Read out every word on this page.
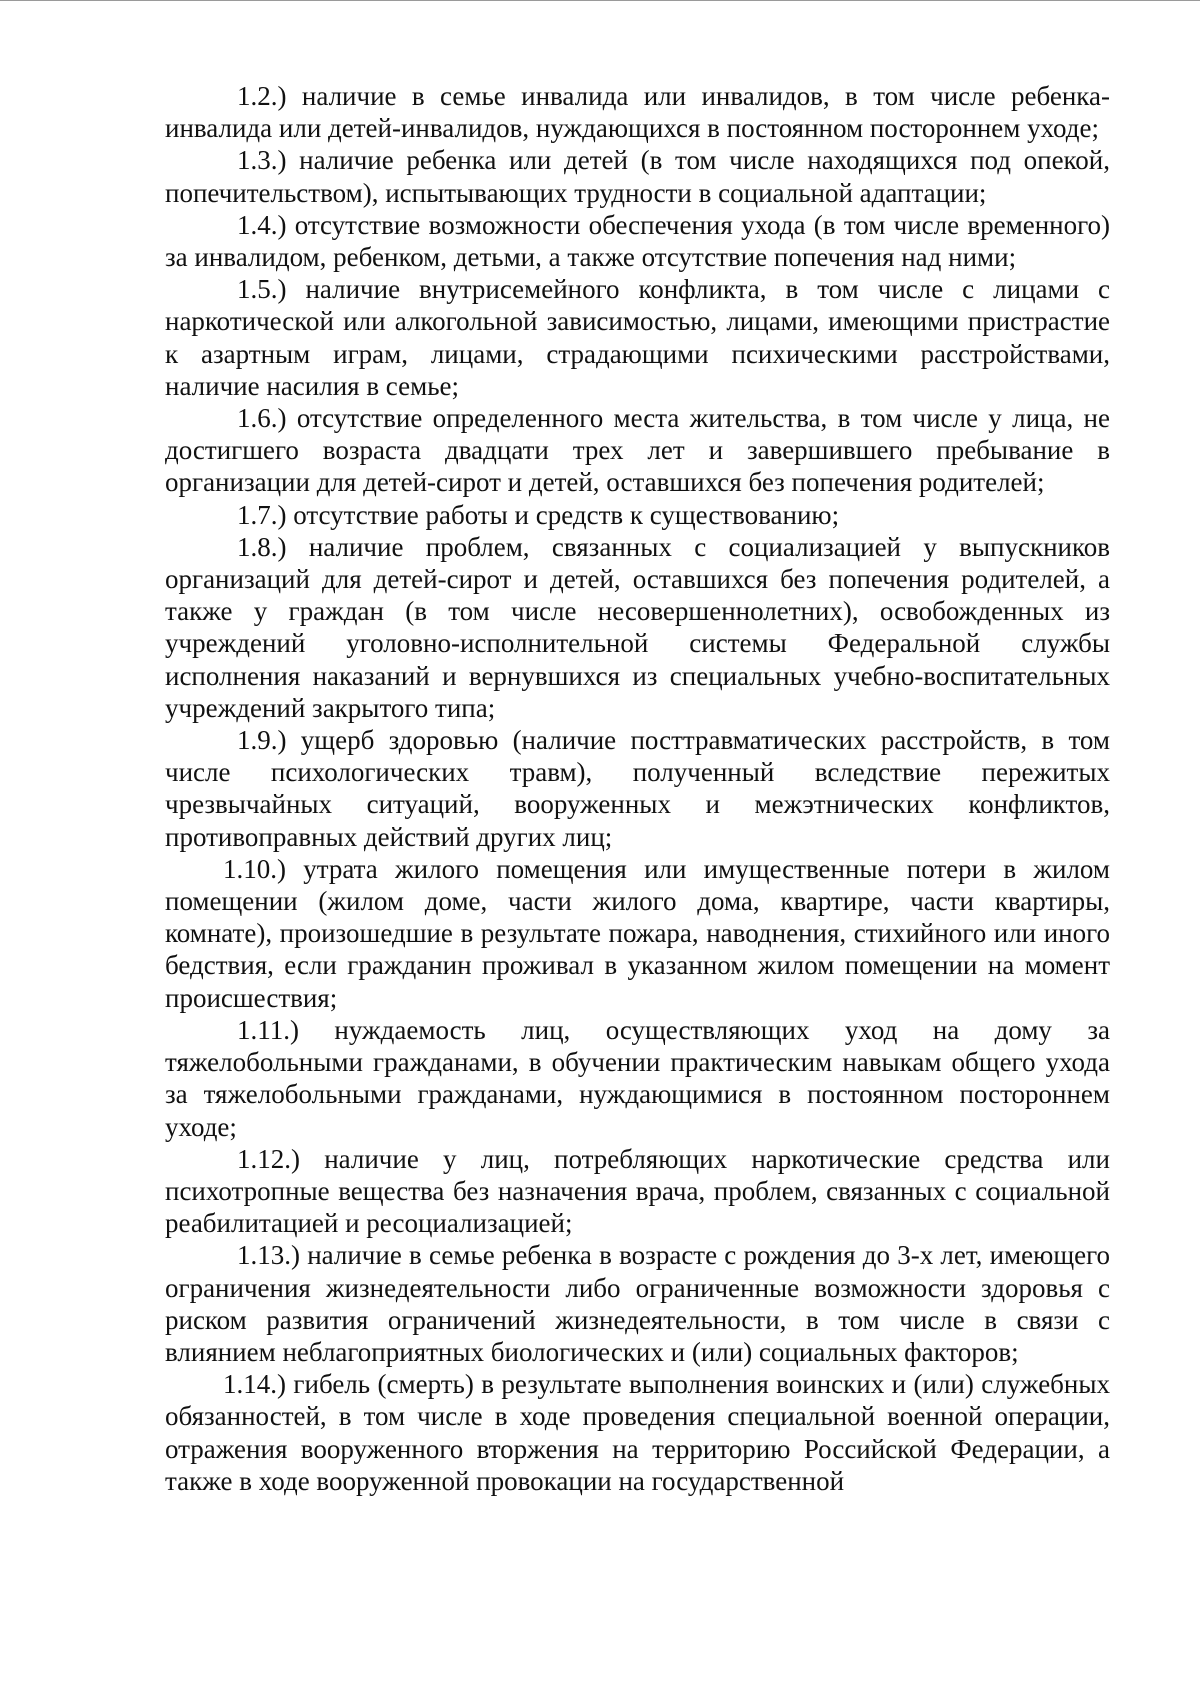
1.2.) наличие в семье инвалида или инвалидов, в том числе ребенка-инвалида или детей-инвалидов, нуждающихся в постоянном постороннем уходе;

1.3.) наличие ребенка или детей (в том числе находящихся под опекой, попечительством), испытывающих трудности в социальной адаптации;

1.4.) отсутствие возможности обеспечения ухода (в том числе временного) за инвалидом, ребенком, детьми, а также отсутствие попечения над ними;

1.5.) наличие внутрисемейного конфликта, в том числе с лицами с наркотической или алкогольной зависимостью, лицами, имеющими пристрастие к азартным играм, лицами, страдающими психическими расстройствами, наличие насилия в семье;

1.6.) отсутствие определенного места жительства, в том числе у лица, не достигшего возраста двадцати трех лет и завершившего пребывание в организации для детей-сирот и детей, оставшихся без попечения родителей;

1.7.) отсутствие работы и средств к существованию;

1.8.) наличие проблем, связанных с социализацией у выпускников организаций для детей-сирот и детей, оставшихся без попечения родителей, а также у граждан (в том числе несовершеннолетних), освобожденных из учреждений уголовно-исполнительной системы Федеральной службы исполнения наказаний и вернувшихся из специальных учебно-воспитательных учреждений закрытого типа;

1.9.) ущерб здоровью (наличие посттравматических расстройств, в том числе психологических травм), полученный вследствие пережитых чрезвычайных ситуаций, вооруженных и межэтнических конфликтов, противоправных действий других лиц;

1.10.) утрата жилого помещения или имущественные потери в жилом помещении (жилом доме, части жилого дома, квартире, части квартиры, комнате), произошедшие в результате пожара, наводнения, стихийного или иного бедствия, если гражданин проживал в указанном жилом помещении на момент происшествия;

1.11.) нуждаемость лиц, осуществляющих уход на дому за тяжелобольными гражданами, в обучении практическим навыкам общего ухода за тяжелобольными гражданами, нуждающимися в постоянном постороннем уходе;

1.12.) наличие у лиц, потребляющих наркотические средства или психотропные вещества без назначения врача, проблем, связанных с социальной реабилитацией и ресоциализацией;

1.13.) наличие в семье ребенка в возрасте с рождения до 3-х лет, имеющего ограничения жизнедеятельности либо ограниченные возможности здоровья с риском развития ограничений жизнедеятельности, в том числе в связи с влиянием неблагоприятных биологических и (или) социальных факторов;

1.14.) гибель (смерть) в результате выполнения воинских и (или) служебных обязанностей, в том числе в ходе проведения специальной военной операции, отражения вооруженного вторжения на территорию Российской Федерации, а также в ходе вооруженной провокации на государственной
